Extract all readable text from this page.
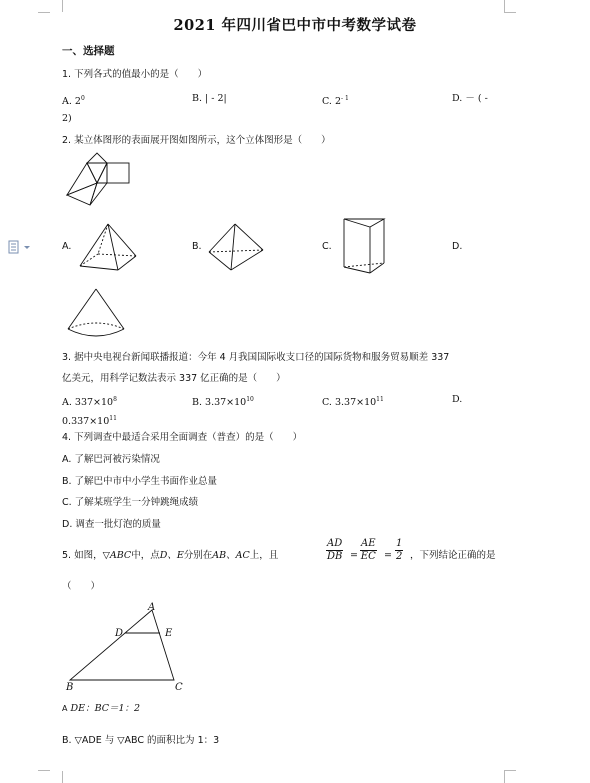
2021 年四川省巴中市中考数学试卷
一、选择题
1. 下列各式的值最小的是（　　）
A. $2^0$	B. | - 2|	C. $2^{- 1}$	D. － ( -
2)
2. 某立体图形的表面展开图如图所示，这个立体图形是（　　）
A.	B.	C.	D.
3. 据中央电视台新闻联播报道：今年 4 月我国国际收支口径的国际货物和服务贸易顺差 337
亿美元，用科学记数法表示 337 亿正确的是（　　）
A. $337\times 10^8$	B. $3.37\times 10^{10}$	C. $3.37\times 10^{11}$	D.
$0.337\times 10^{11}$
4. 下列调查中最适合采用全面调查（普查）的是（　　）
A. 了解巴河被污染情况
B. 了解巴中市中小学生书面作业总量
C. 了解某班学生一分钟跳绳成绩
D. 调查一批灯泡的质量
5. 如图，▽ABC中，点D、E分别在AB、AC上，且	$\frac{AD}{DB} = \frac{AE}{EC} = \frac{1}{2}$ ，下列结论正确的是
（　　）
A
D	E
B	C
A DE：BC＝1：2
B. ▽ADE 与 ▽ABC 的面积比为 1：3
